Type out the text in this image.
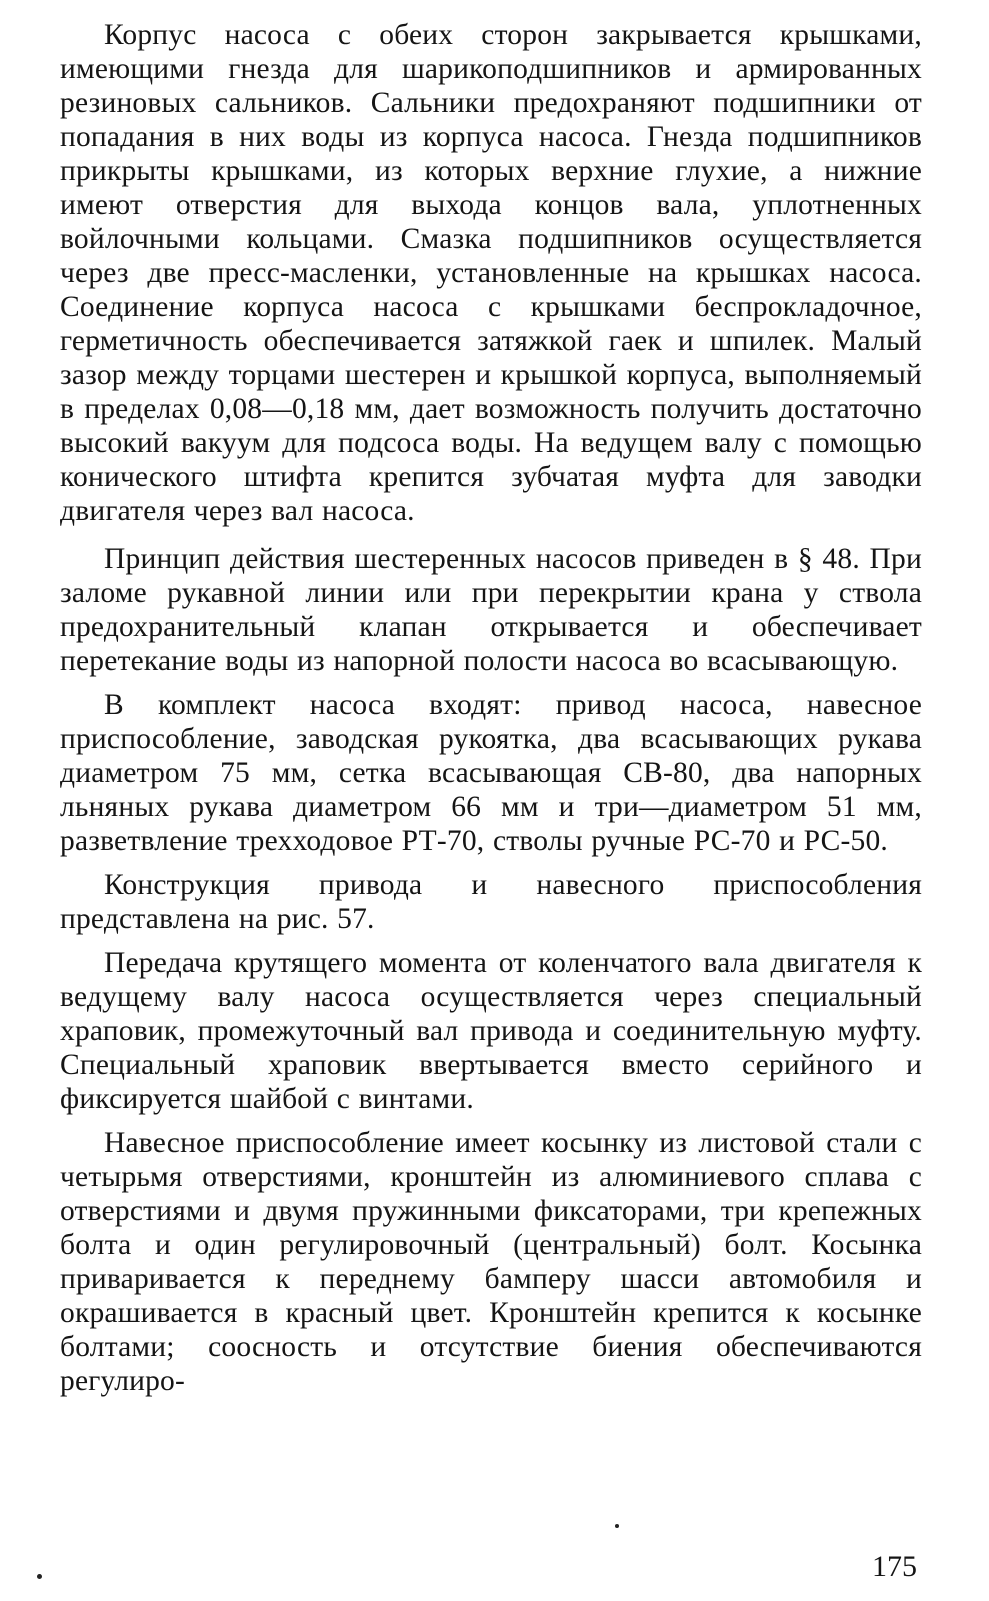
Корпус насоса с обеих сторон закрывается крышками, имеющими гнезда для шарикоподшипников и армированных резиновых сальников. Сальники предохраняют подшипники от попадания в них воды из корпуса насоса. Гнезда подшипников прикрыты крышками, из которых верхние глухие, а нижние имеют отверстия для выхода концов вала, уплотненных войлочными кольцами. Смазка подшипников осуществляется через две пресс-масленки, установленные на крышках насоса. Соединение корпуса насоса с крышками беспрокладочное, герметичность обеспечивается затяжкой гаек и шпилек. Малый зазор между торцами шестерен и крышкой корпуса, выполняемый в пределах 0,08—0,18 мм, дает возможность получить достаточно высокий вакуум для подсоса воды. На ведущем валу с помощью конического штифта крепится зубчатая муфта для заводки двигателя через вал насоса.

Принцип действия шестеренных насосов приведен в § 48. При заломе рукавной линии или при перекрытии крана у ствола предохранительный клапан открывается и обеспечивает перетекание воды из напорной полости насоса во всасывающую.

В комплект насоса входят: привод насоса, навесное приспособление, заводская рукоятка, два всасывающих рукава диаметром 75 мм, сетка всасывающая СВ-80, два напорных льняных рукава диаметром 66 мм и три—диаметром 51 мм, разветвление трехходовое РТ-70, стволы ручные РС-70 и РС-50.

Конструкция привода и навесного приспособления представлена на рис. 57.

Передача крутящего момента от коленчатого вала двигателя к ведущему валу насоса осуществляется через специальный храповик, промежуточный вал привода и соединительную муфту. Специальный храповик ввертывается вместо серийного и фиксируется шайбой с винтами.

Навесное приспособление имеет косынку из листовой стали с четырьмя отверстиями, кронштейн из алюминиевого сплава с отверстиями и двумя пружинными фиксаторами, три крепежных болта и один регулировочный (центральный) болт. Косынка приваривается к переднему бамперу шасси автомобиля и окрашивается в красный цвет. Кронштейн крепится к косынке болтами; соосность и отсутствие биения обеспечиваются регулиро-

175
